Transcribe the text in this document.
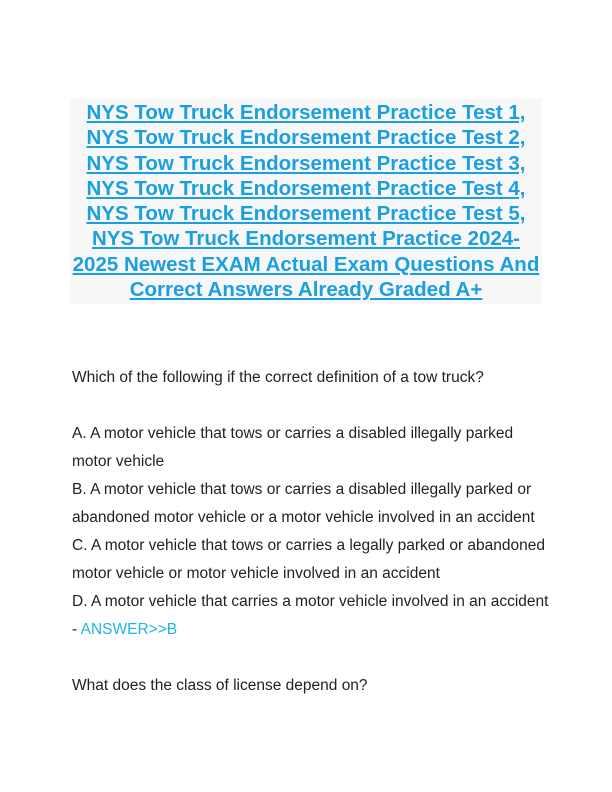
NYS Tow Truck Endorsement Practice Test 1, NYS Tow Truck Endorsement Practice Test 2, NYS Tow Truck Endorsement Practice Test 3, NYS Tow Truck Endorsement Practice Test 4, NYS Tow Truck Endorsement Practice Test 5, NYS Tow Truck Endorsement Practice 2024-2025 Newest EXAM Actual Exam Questions And Correct Answers Already Graded A+

Which of the following if the correct definition of a tow truck?

A. A motor vehicle that tows or carries a disabled illegally parked motor vehicle

B. A motor vehicle that tows or carries a disabled illegally parked or abandoned motor vehicle or a motor vehicle involved in an accident

C. A motor vehicle that tows or carries a legally parked or abandoned motor vehicle or motor vehicle involved in an accident

D. A motor vehicle that carries a motor vehicle involved in an accident - ANSWER>>B

What does the class of license depend on?
